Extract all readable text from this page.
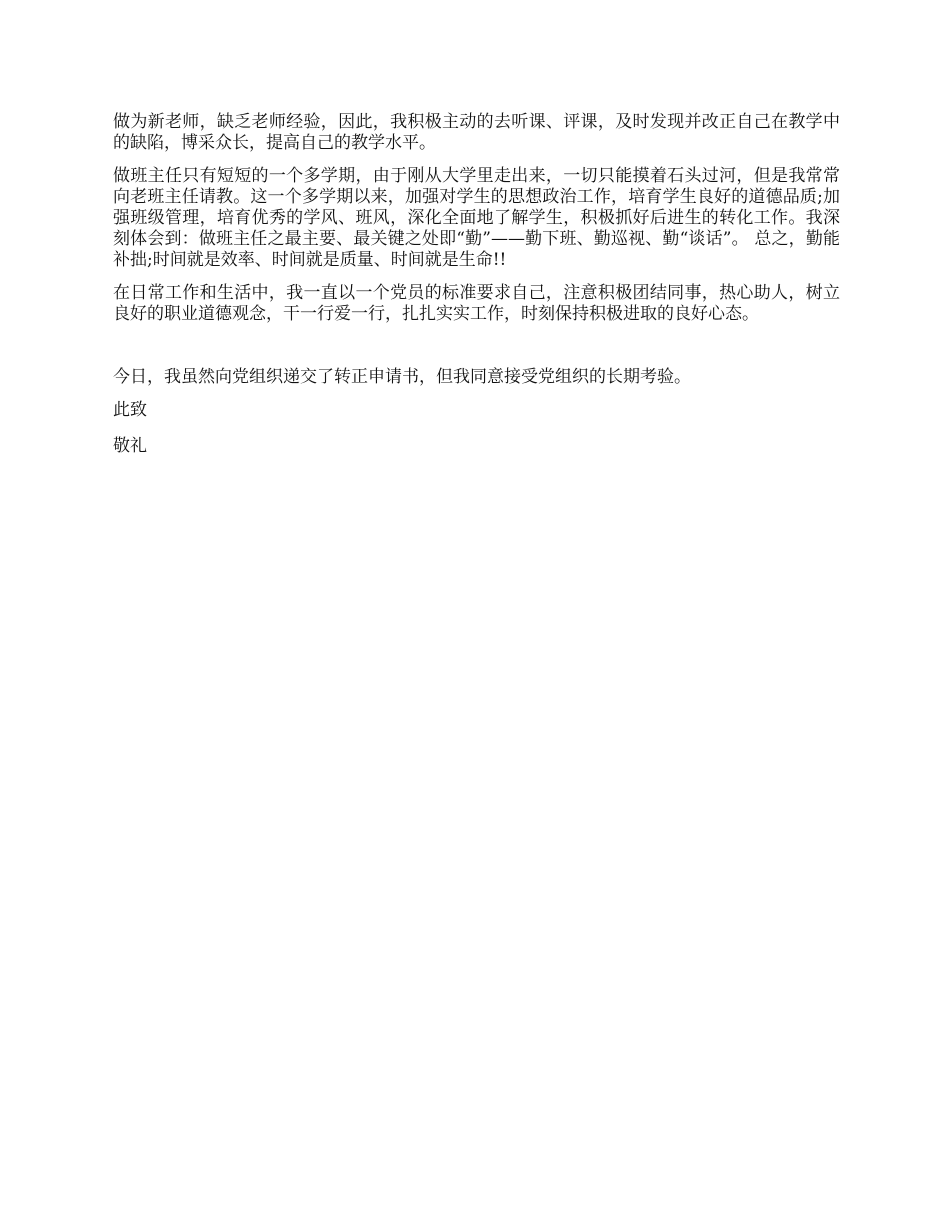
做为新老师，缺乏老师经验，因此，我积极主动的去听课、评课，及时发现并改正自己在教学中的缺陷，博采众长，提高自己的教学水平。

做班主任只有短短的一个多学期，由于刚从大学里走出来，一切只能摸着石头过河，但是我常常向老班主任请教。这一个多学期以来，加强对学生的思想政治工作，培育学生良好的道德品质;加强班级管理，培育优秀的学风、班风，深化全面地了解学生，积极抓好后进生的转化工作。我深刻体会到：做班主任之最主要、最关键之处即“勤”——勤下班、勤巡视、勤“谈话”。 总之，勤能补拙;时间就是效率、时间就是质量、时间就是生命!!

在日常工作和生活中，我一直以一个党员的标准要求自己，注意积极团结同事，热心助人，树立良好的职业道德观念，干一行爱一行，扎扎实实工作，时刻保持积极进取的良好心态。

今日，我虽然向党组织递交了转正申请书，但我同意接受党组织的长期考验。

此致

敬礼
